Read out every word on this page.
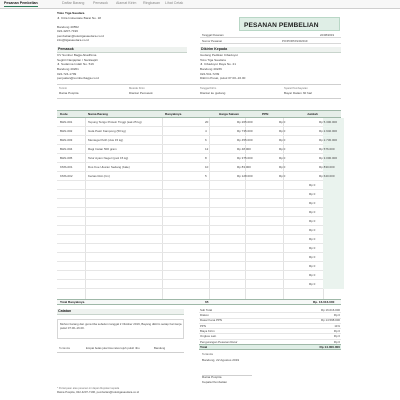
Pesanan Pembelian	Daftar Barang Pemasok Alamat Kirim Ringkasan Lihat Cetak
Toko Tiga Saudara
Jl. Citra Indoestate Barat No. 18
Bandung 40552
022-4207-7196
pembelian@tokotigasaudara.co.id
info@tigasaudara.co.id
PESANAN PEMBELIAN
Tanggal Pesanan	22/08/2019
Nomor Pesanan	PO/PORTAS/0/2019
Pemasok	Dikirim Kepada
CV Sumber Bagja Abadhima
Segitiri Nanjaplan / Nanfaapili
Jl. Sudarma Indah No. 516
Bandung 40261
022-724-1799
penjualan@sumberbagja.co.id
Gudang Pedikan Cibaduyut
Toko Tiga Saudara
Jl. Cibaduyut Raya No. 21
Bandung 40236
022-541-7239
Dikirim Pusat, pukul 07.00–16.00
Termin	Metode Kirim	Tanggal Kirim	Syarat Pembayaran
Ratna Puspita	Diantar Pemasok	Diantar ke gudang	Bayar Dalam 30 hari
Kode	Nama Barang	Banyaknya	Harga Satuan	PPN	Jumlah
BHN-001	Tepung Terigu Protein Tinggi (sak 25 kg)	20	Rp 265.000	Rp 0	Rp 5.300.000
BHN-002	Gula Pasir Kampong (50 kg)	4	Rp 735.000	Rp 0	Rp 2.940.000
BHN-003	Mentega Putih (dus 15 kg)	6	Rp 455.000	Rp 0	Rp 2.730.000
BHN-004	Ragi Instan 500 gram	12	Rp 48.000	Rp 0	Rp 576.000
BHN-005	Telur Ayam Negeri (peti 15 kg)	8	Rp 375.000	Rp 0	Rp 3.000.000
KMS-001	Dus Kue Ukuran Sedang (bale)	10	Rp 83.000	Rp 0	Rp 830.000
KMS-002	Kertas Roti (rim)	5	Rp 128.000	Rp 0	Rp 640.000
Rp 0
Rp 0
Rp 0
Rp 0
Rp 0
Rp 0
Rp 0
Rp 0
Rp 0
Rp 0
Rp 0
Rp 0
Total Banyaknya	65	Rp. 16.016.000
Catatan
Mohon barang dan guna tiba sebelum tanggal 2 Oktober 2019, Bayang dikirim setiap hari kerja pukul 07.00–16.00.
Tertanda	Empat belas juta lima ratus tujuh puluh ribu	Bandung
Sub Total	Rp 16.016.000
Diskon	Rp 0
Dasar Kena PPN	Rp 14.598.000
PPN	11%
Biaya Kirim	Rp 0
Ongkos Lain	Rp 0
Pengurangan Pesanan Retur	Rp 0
Total	Rp 14.000.000
Tertanda
Bandung, 22 Agustus 2019
Ratna Puspita
Kepala Pembelian
* Pertanyaan atas pesanan ini dapat ditujukan kepada
Ratna Puspita, 022-4207-7196, pembelian@tokotigasaudara.co.id
